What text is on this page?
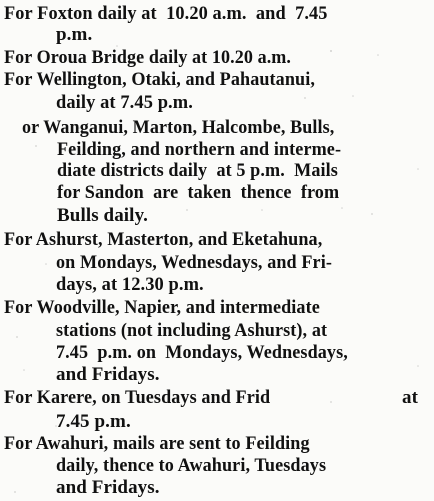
For Foxton daily at  10.20 a.m.  and  7.45
p.m.
For Oroua Bridge daily at 10.20 a.m.
For Wellington, Otaki, and Pahautanui,
daily at 7.45 p.m.
or Wanganui, Marton, Halcombe, Bulls,
Feilding, and northern and interme-
diate districts daily  at 5 p.m.  Mails
for Sandon  are  taken  thence  from
Bulls daily.
For Ashurst, Masterton, and Eketahuna,
on Mondays, Wednesdays, and Fri-
days, at 12.30 p.m.
For Woodville, Napier, and intermediate
stations (not including Ashurst), at
7.45  p.m. on  Mondays, Wednesdays,
and Fridays.
For Karere, on Tuesdays and Frid	at
7.45 p.m.
For Awahuri, mails are sent to Feilding
daily, thence to Awahuri, Tuesdays
and Fridays.
